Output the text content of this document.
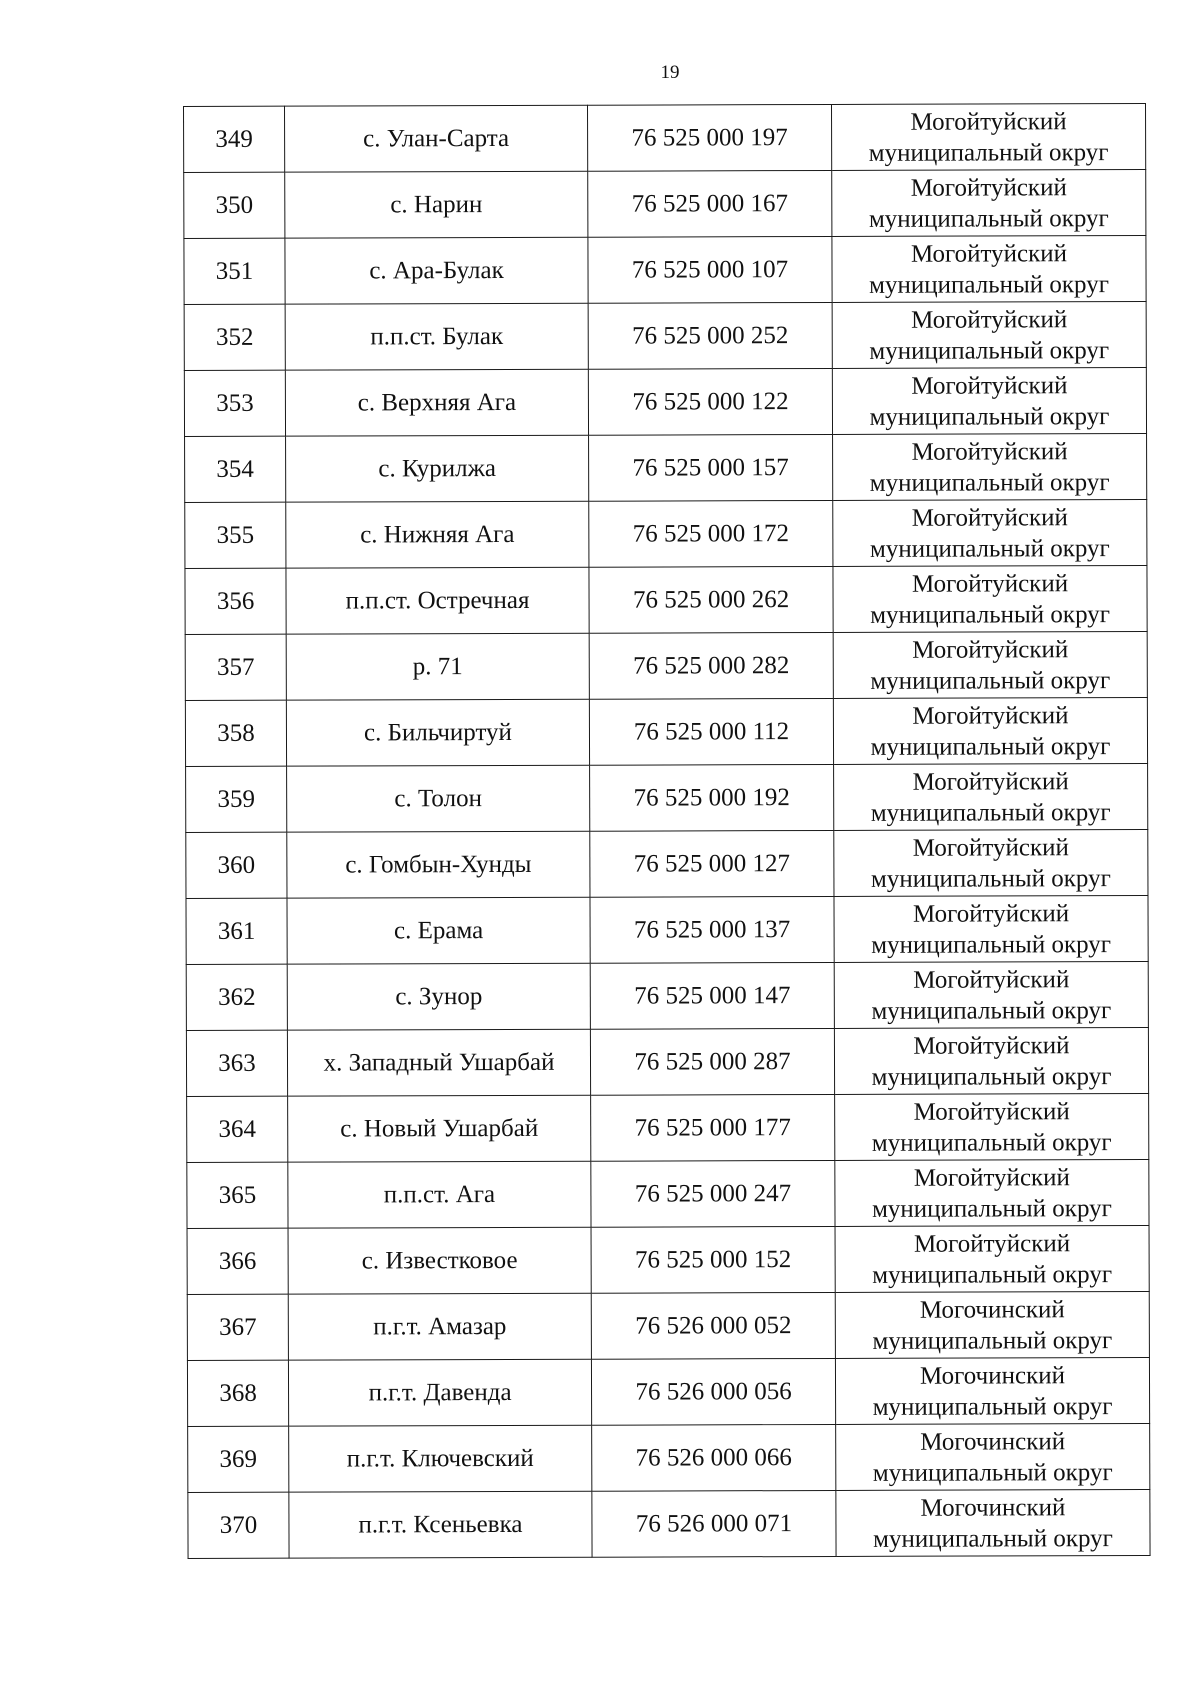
19
349	с. Улан-Сарта	76 525 000 197	Могойтуйский
муниципальный округ

350	с. Нарин	76 525 000 167	Могойтуйский
муниципальный округ

351	с. Ара-Булак	76 525 000 107	Могойтуйский
муниципальный округ

352	п.п.ст. Булак	76 525 000 252	Могойтуйский
муниципальный округ

353	с. Верхняя Ага	76 525 000 122	Могойтуйский
муниципальный округ

354	с. Курилжа	76 525 000 157	Могойтуйский
муниципальный округ

355	с. Нижняя Ага	76 525 000 172	Могойтуйский
муниципальный округ

356	п.п.ст. Остречная	76 525 000 262	Могойтуйский
муниципальный округ

357	р. 71	76 525 000 282	Могойтуйский
муниципальный округ

358	с. Бильчиртуй	76 525 000 112	Могойтуйский
муниципальный округ

359	с. Толон	76 525 000 192	Могойтуйский
муниципальный округ

360	с. Гомбын-Хунды	76 525 000 127	Могойтуйский
муниципальный округ

361	с. Ерама	76 525 000 137	Могойтуйский
муниципальный округ

362	с. Зунор	76 525 000 147	Могойтуйский
муниципальный округ

363	х. Западный Ушарбай	76 525 000 287	Могойтуйский
муниципальный округ

364	с. Новый Ушарбай	76 525 000 177	Могойтуйский
муниципальный округ

365	п.п.ст. Ага	76 525 000 247	Могойтуйский
муниципальный округ

366	с. Известковое	76 525 000 152	Могойтуйский
муниципальный округ

367	п.г.т. Амазар	76 526 000 052	Могочинский
муниципальный округ

368	п.г.т. Давенда	76 526 000 056	Могочинский
муниципальный округ

369	п.г.т. Ключевский	76 526 000 066	Могочинский
муниципальный округ

370	п.г.т. Ксеньевка	76 526 000 071	Могочинский
муниципальный округ
